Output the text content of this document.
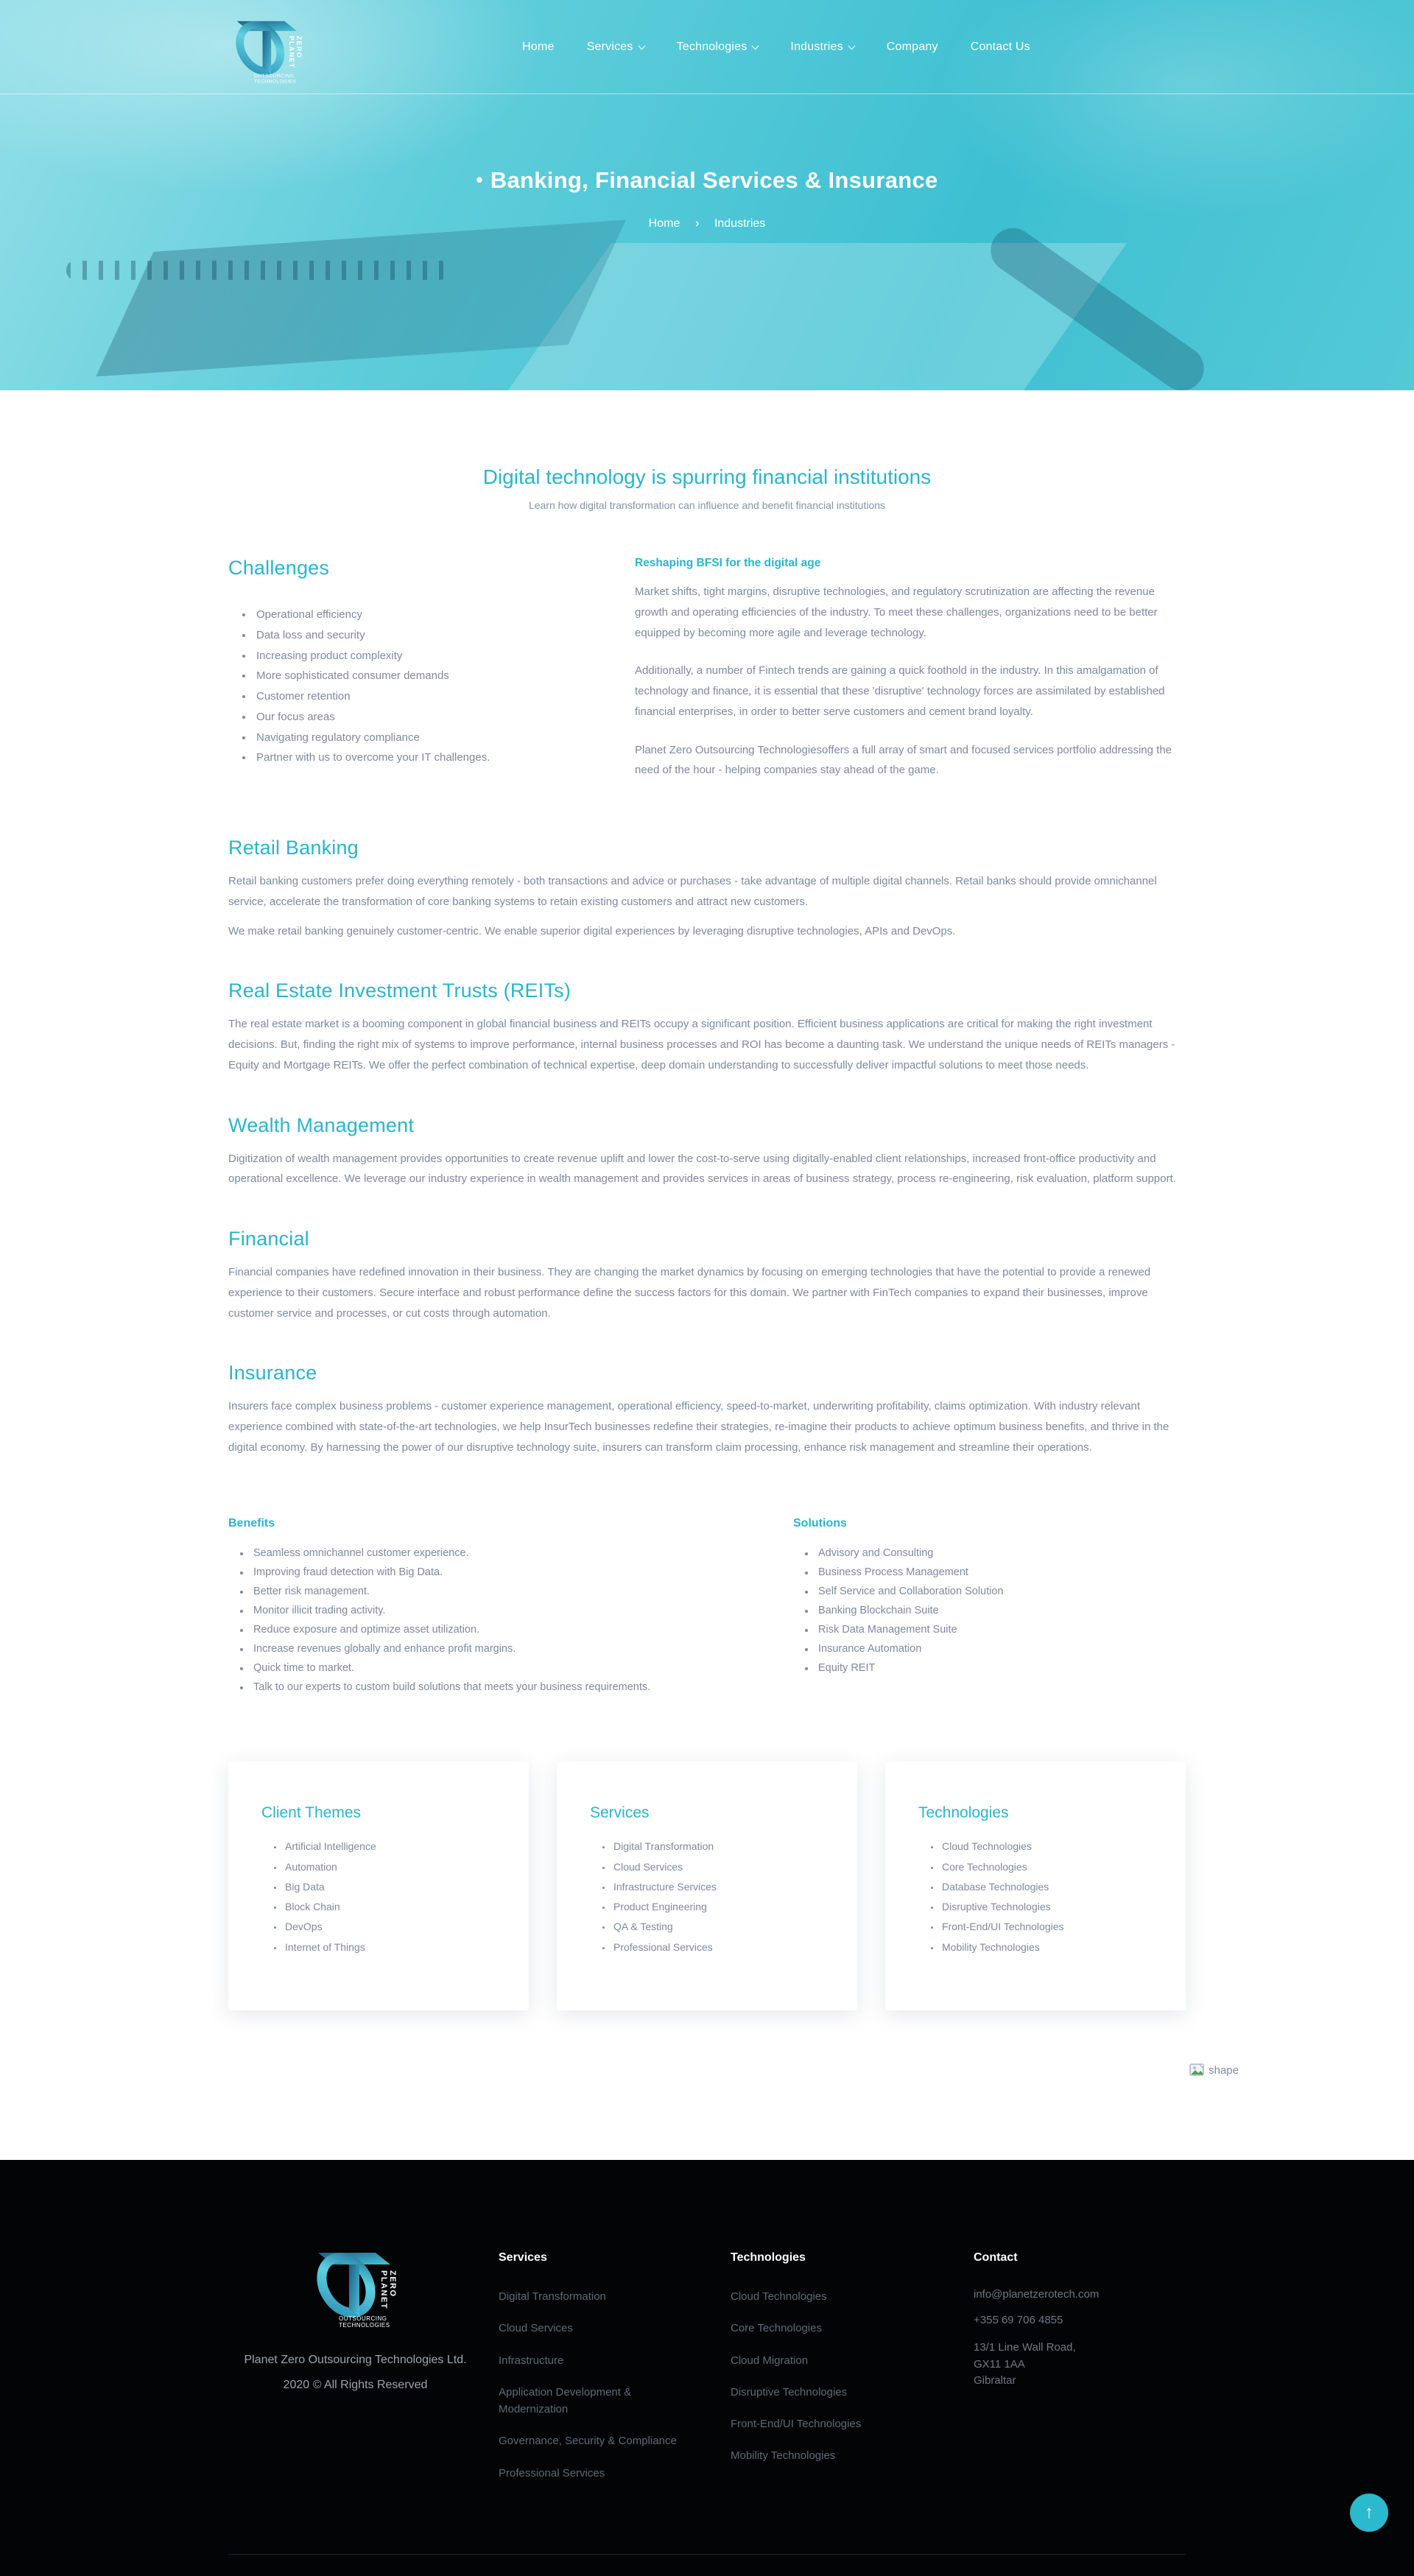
PLANET ZERO
OUTSOURCING
TECHNOLOGIES
Home	Services	Technologies	Industries	Company	Contact Us
• Banking, Financial Services & Insurance
Home › Industries
Digital technology is spurring financial institutions

Learn how digital transformation can influence and benefit financial institutions

Challenges
• Operational efficiency
• Data loss and security
• Increasing product complexity
• More sophisticated consumer demands
• Customer retention
• Our focus areas
• Navigating regulatory compliance
• Partner with us to overcome your IT challenges.
Reshaping BFSI for the digital age

Market shifts, tight margins, disruptive technologies, and regulatory scrutinization are affecting the revenue growth and operating efficiencies of the industry. To meet these challenges, organizations need to be better equipped by becoming more agile and leverage technology.

Additionally, a number of Fintech trends are gaining a quick foothold in the industry. In this amalgamation of technology and finance, it is essential that these 'disruptive' technology forces are assimilated by established financial enterprises, in order to better serve customers and cement brand loyalty.

Planet Zero Outsourcing Technologiesoffers a full array of smart and focused services portfolio addressing the need of the hour - helping companies stay ahead of the game.

Retail Banking

Retail banking customers prefer doing everything remotely - both transactions and advice or purchases - take advantage of multiple digital channels. Retail banks should provide omnichannel service, accelerate the transformation of core banking systems to retain existing customers and attract new customers.

We make retail banking genuinely customer-centric. We enable superior digital experiences by leveraging disruptive technologies, APIs and DevOps.

Real Estate Investment Trusts (REITs)

The real estate market is a booming component in global financial business and REITs occupy a significant position. Efficient business applications are critical for making the right investment decisions. But, finding the right mix of systems to improve performance, internal business processes and ROI has become a daunting task. We understand the unique needs of REITs managers - Equity and Mortgage REITs. We offer the perfect combination of technical expertise, deep domain understanding to successfully deliver impactful solutions to meet those needs.

Wealth Management

Digitization of wealth management provides opportunities to create revenue uplift and lower the cost-to-serve using digitally-enabled client relationships, increased front-office productivity and operational excellence. We leverage our industry experience in wealth management and provides services in areas of business strategy, process re-engineering, risk evaluation, platform support.

Financial

Financial companies have redefined innovation in their business. They are changing the market dynamics by focusing on emerging technologies that have the potential to provide a renewed experience to their customers. Secure interface and robust performance define the success factors for this domain. We partner with FinTech companies to expand their businesses, improve customer service and processes, or cut costs through automation.

Insurance

Insurers face complex business problems - customer experience management, operational efficiency, speed-to-market, underwriting profitability, claims optimization. With industry relevant experience combined with state-of-the-art technologies, we help InsurTech businesses redefine their strategies, re-imagine their products to achieve optimum business benefits, and thrive in the digital economy. By harnessing the power of our disruptive technology suite, insurers can transform claim processing, enhance risk management and streamline their operations.

Benefits
• Seamless omnichannel customer experience.
• Improving fraud detection with Big Data.
• Better risk management.
• Monitor illicit trading activity.
• Reduce exposure and optimize asset utilization.
• Increase revenues globally and enhance profit margins.
• Quick time to market.
• Talk to our experts to custom build solutions that meets your business requirements.
Solutions
• Advisory and Consulting
• Business Process Management
• Self Service and Collaboration Solution
• Banking Blockchain Suite
• Risk Data Management Suite
• Insurance Automation
• Equity REIT
Client Themes
• Artificial Intelligence
• Automation
• Big Data
• Block Chain
• DevOps
• Internet of Things
Services
• Digital Transformation
• Cloud Services
• Infrastructure Services
• Product Engineering
• QA & Testing
• Professional Services
Technologies
• Cloud Technologies
• Core Technologies
• Database Technologies
• Disruptive Technologies
• Front-End/UI Technologies
• Mobility Technologies
shape
PLANET ZERO
OUTSOURCING
TECHNOLOGIES
Planet Zero Outsourcing Technologies Ltd.
2020 © All Rights Reserved
Services
Digital Transformation
Cloud Services
Infrastructure
Application Development & Modernization
Governance, Security & Compliance
Professional Services
Technologies
Cloud Technologies
Core Technologies
Cloud Migration
Disruptive Technologies
Front-End/UI Technologies
Mobility Technologies
Contact
info@planetzerotech.com
+355 69 706 4855
13/1 Line Wall Road,
GX11 1AA
Gibraltar
↑
